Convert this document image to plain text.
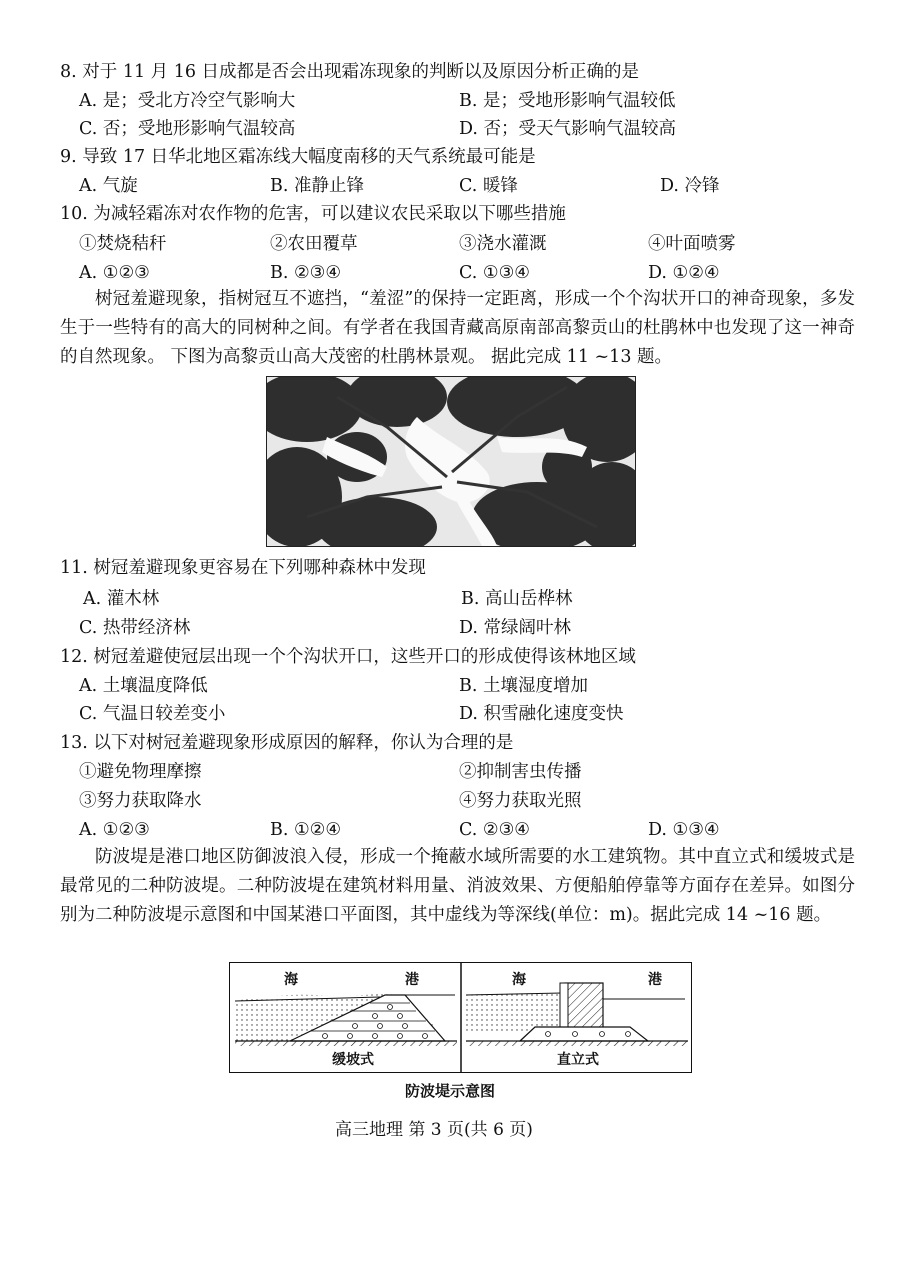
8. 对于 11 月 16 日成都是否会出现霜冻现象的判断以及原因分析正确的是
A. 是；受北方冷空气影响大	B. 是；受地形影响气温较低
C. 否；受地形影响气温较高	D. 否；受天气影响气温较高
9. 导致 17 日华北地区霜冻线大幅度南移的天气系统最可能是
A. 气旋	B. 准静止锋	C. 暖锋	D. 冷锋
10. 为减轻霜冻对农作物的危害，可以建议农民采取以下哪些措施
①焚烧秸秆	②农田覆草	③浇水灌溉	④叶面喷雾
A. ①②③	B. ②③④	C. ①③④	D. ①②④
树冠羞避现象，指树冠互不遮挡，“羞涩”的保持一定距离，形成一个个沟状开口的神奇现象，多发生于一些特有的高大的同树种之间。有学者在我国青藏高原南部高黎贡山的杜鹃林中也发现了这一神奇的自然现象。 下图为高黎贡山高大茂密的杜鹃林景观。 据此完成 11 ~13 题。
11. 树冠羞避现象更容易在下列哪种森林中发现
A. 灌木林	B. 高山岳桦林
C. 热带经济林	D. 常绿阔叶林
12. 树冠羞避使冠层出现一个个沟状开口，这些开口的形成使得该林地区域
A. 土壤温度降低	B. 土壤湿度增加
C. 气温日较差变小	D. 积雪融化速度变快
13. 以下对树冠羞避现象形成原因的解释，你认为合理的是
①避免物理摩擦	②抑制害虫传播
③努力获取降水	④努力获取光照
A. ①②③	B. ①②④	C. ②③④	D. ①③④
防波堤是港口地区防御波浪入侵，形成一个掩蔽水域所需要的水工建筑物。其中直立式和缓坡式是最常见的二种防波堤。二种防波堤在建筑材料用量、消波效果、方便船舶停靠等方面存在差异。如图分别为二种防波堤示意图和中国某港口平面图，其中虚线为等深线(单位：m)。据此完成 14 ~16 题。
海	港
缓坡式
海	港
直立式
防波堤示意图
高三地理 第 3 页(共 6 页)
